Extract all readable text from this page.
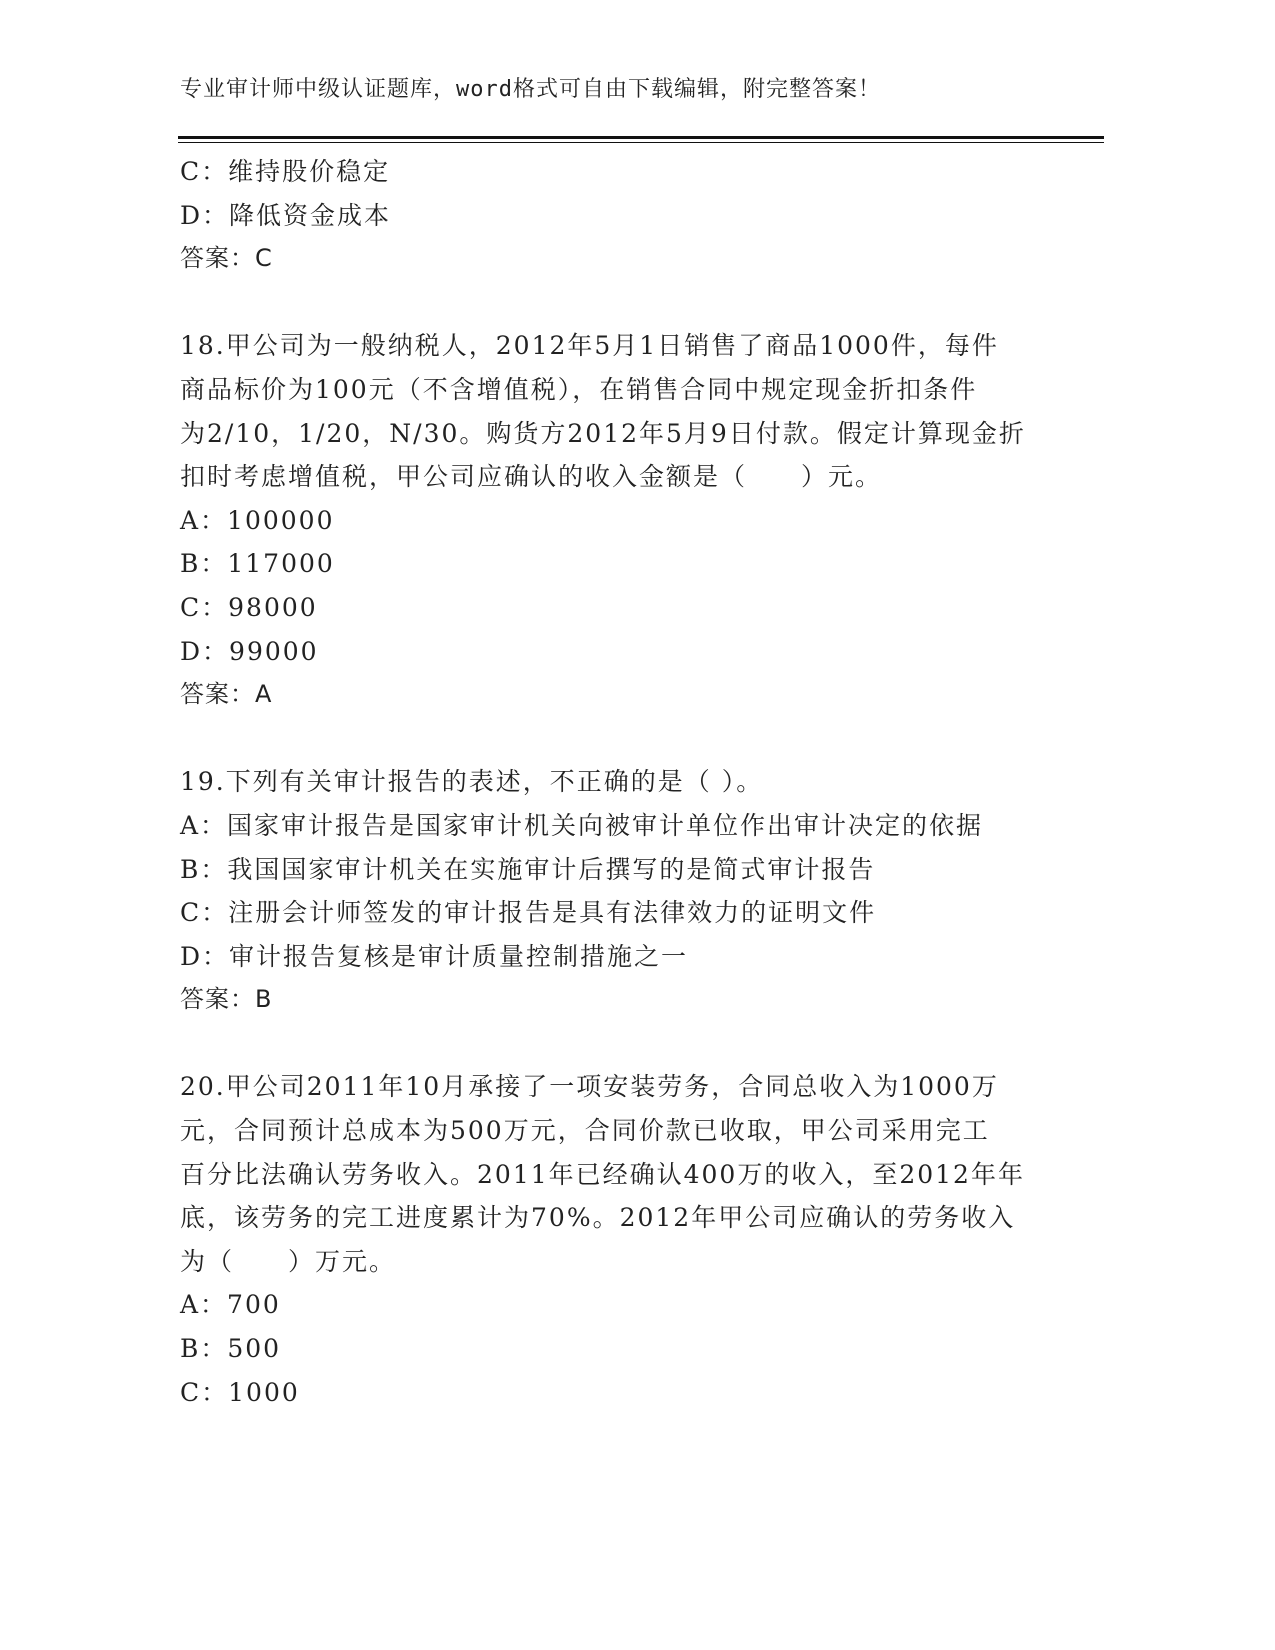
专业审计师中级认证题库，word格式可自由下载编辑，附完整答案！
C：维持股价稳定
D：降低资金成本
答案：C
18.甲公司为一般纳税人，2012年5月1日销售了商品1000件，每件
商品标价为100元（不含增值税），在销售合同中规定现金折扣条件
为2/10，1/20，N/30。购货方2012年5月9日付款。假定计算现金折
扣时考虑增值税，甲公司应确认的收入金额是（　　）元。
A：100000
B：117000
C：98000
D：99000
答案：A
19.下列有关审计报告的表述，不正确的是（ ）。
A：国家审计报告是国家审计机关向被审计单位作出审计决定的依据
B：我国国家审计机关在实施审计后撰写的是简式审计报告
C：注册会计师签发的审计报告是具有法律效力的证明文件
D：审计报告复核是审计质量控制措施之一
答案：B
20.甲公司2011年10月承接了一项安装劳务，合同总收入为1000万
元，合同预计总成本为500万元，合同价款已收取，甲公司采用完工
百分比法确认劳务收入。2011年已经确认400万的收入，至2012年年
底，该劳务的完工进度累计为70%。2012年甲公司应确认的劳务收入
为（　　）万元。
A：700
B：500
C：1000
